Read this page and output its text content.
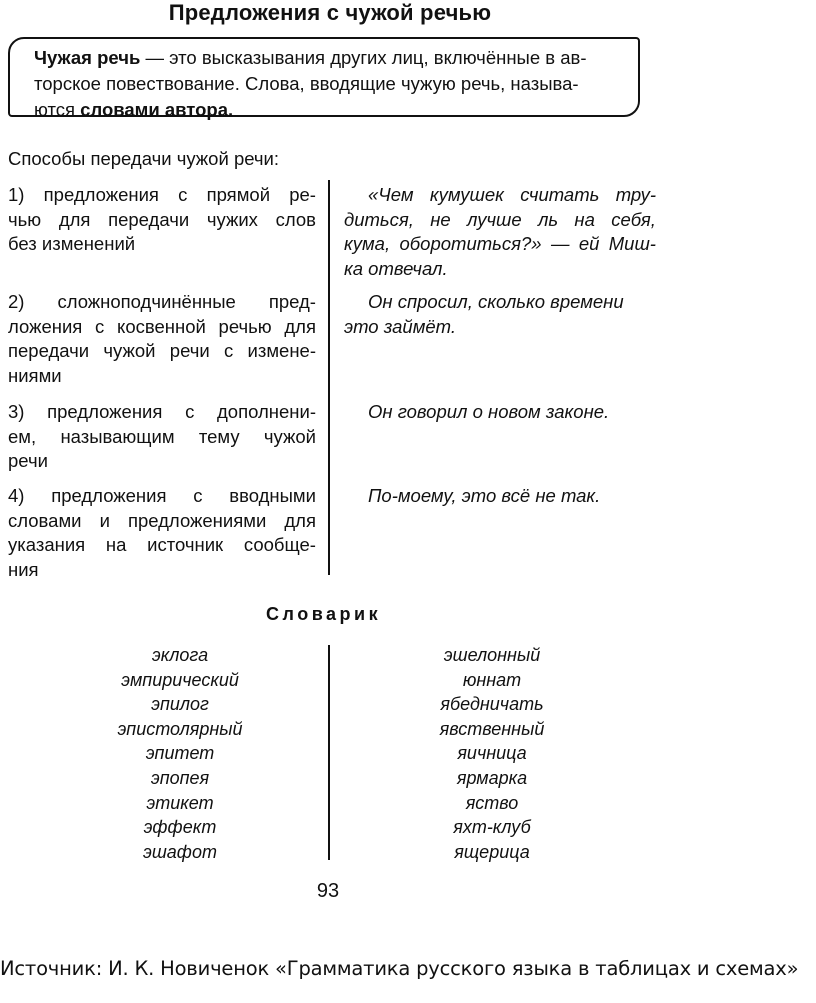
Предложения с чужой речью
Чужая речь — это высказывания других лиц, включённые в ав-
торское повествование. Слова, вводящие чужую речь, называ-
ются словами автора.
Способы передачи чужой речи:
1) предложения с прямой ре-
чью для передачи чужих слов
без изменений
«Чем кумушек считать тру-
диться, не лучше ль на себя,
кума, оборотиться?» — ей Миш-
ка отвечал.
2) сложноподчинённые пред-
ложения с косвенной речью для
передачи чужой речи с измене-
ниями
Он спросил, сколько времени
это займёт.
3) предложения с дополнени-
ем, называющим тему чужой
речи
Он говорил о новом законе.
4) предложения с вводными
словами и предложениями для
указания на источник сообще-
ния
По-моему, это всё не так.
Словарик
эклога
эмпирический
эпилог
эпистолярный
эпитет
эпопея
этикет
эффект
эшафот
эшелонный
юннат
ябедничать
явственный
яичница
ярмарка
яство
яхт-клуб
ящерица
93
Источник: И. К. Новиченок «Грамматика русского языка в таблицах и схемах»
